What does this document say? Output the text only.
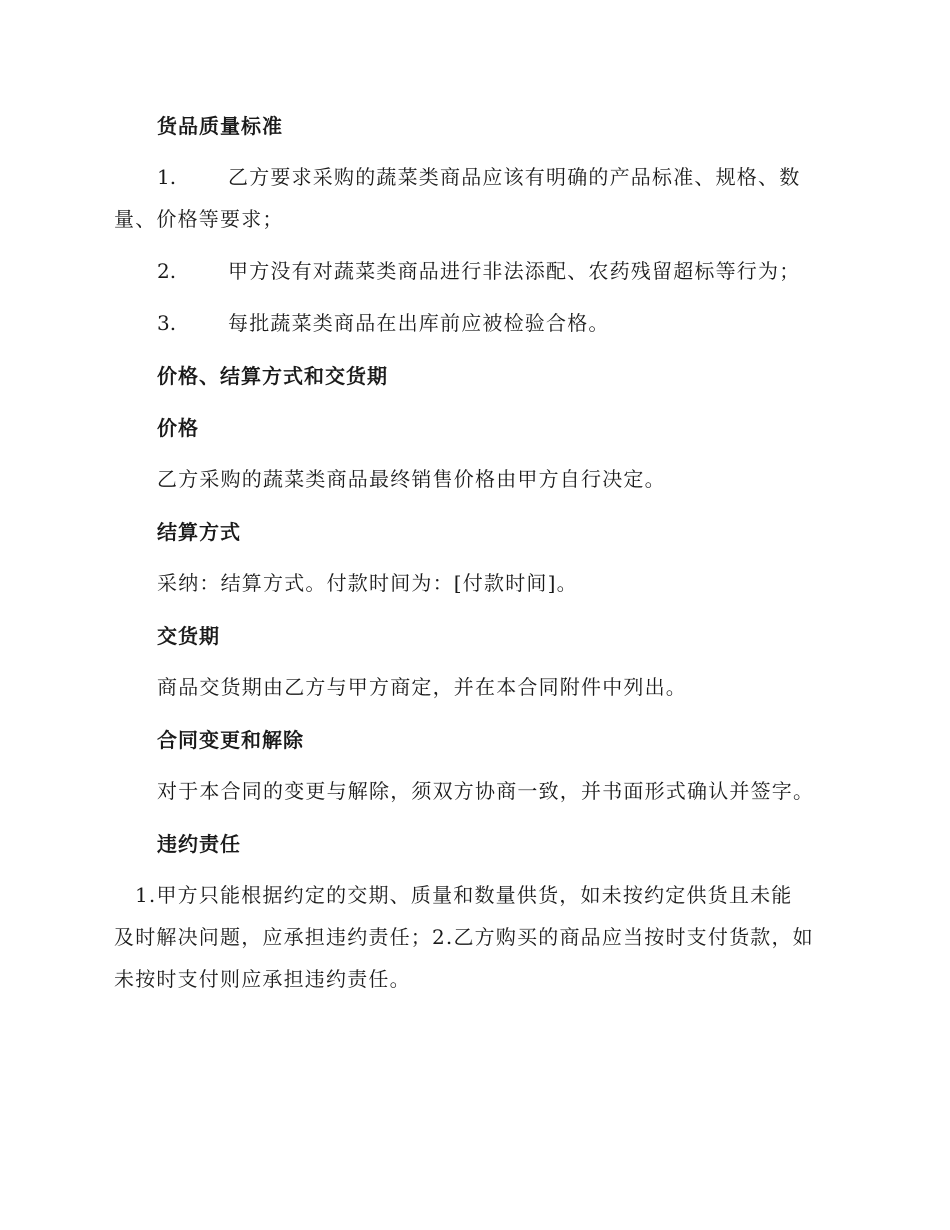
货品质量标准
1.	乙方要求采购的蔬菜类商品应该有明确的产品标准、规格、数
量、价格等要求；
2.	甲方没有对蔬菜类商品进行非法添配、农药残留超标等行为；
3.	每批蔬菜类商品在出库前应被检验合格。
价格、结算方式和交货期
价格
乙方采购的蔬菜类商品最终销售价格由甲方自行决定。
结算方式
采纳：结算方式。付款时间为：[付款时间]。
交货期
商品交货期由乙方与甲方商定，并在本合同附件中列出。
合同变更和解除
对于本合同的变更与解除，须双方协商一致，并书面形式确认并签字。
违约责任
1.甲方只能根据约定的交期、质量和数量供货，如未按约定供货且未能
及时解决问题，应承担违约责任；2.乙方购买的商品应当按时支付货款，如
未按时支付则应承担违约责任。
